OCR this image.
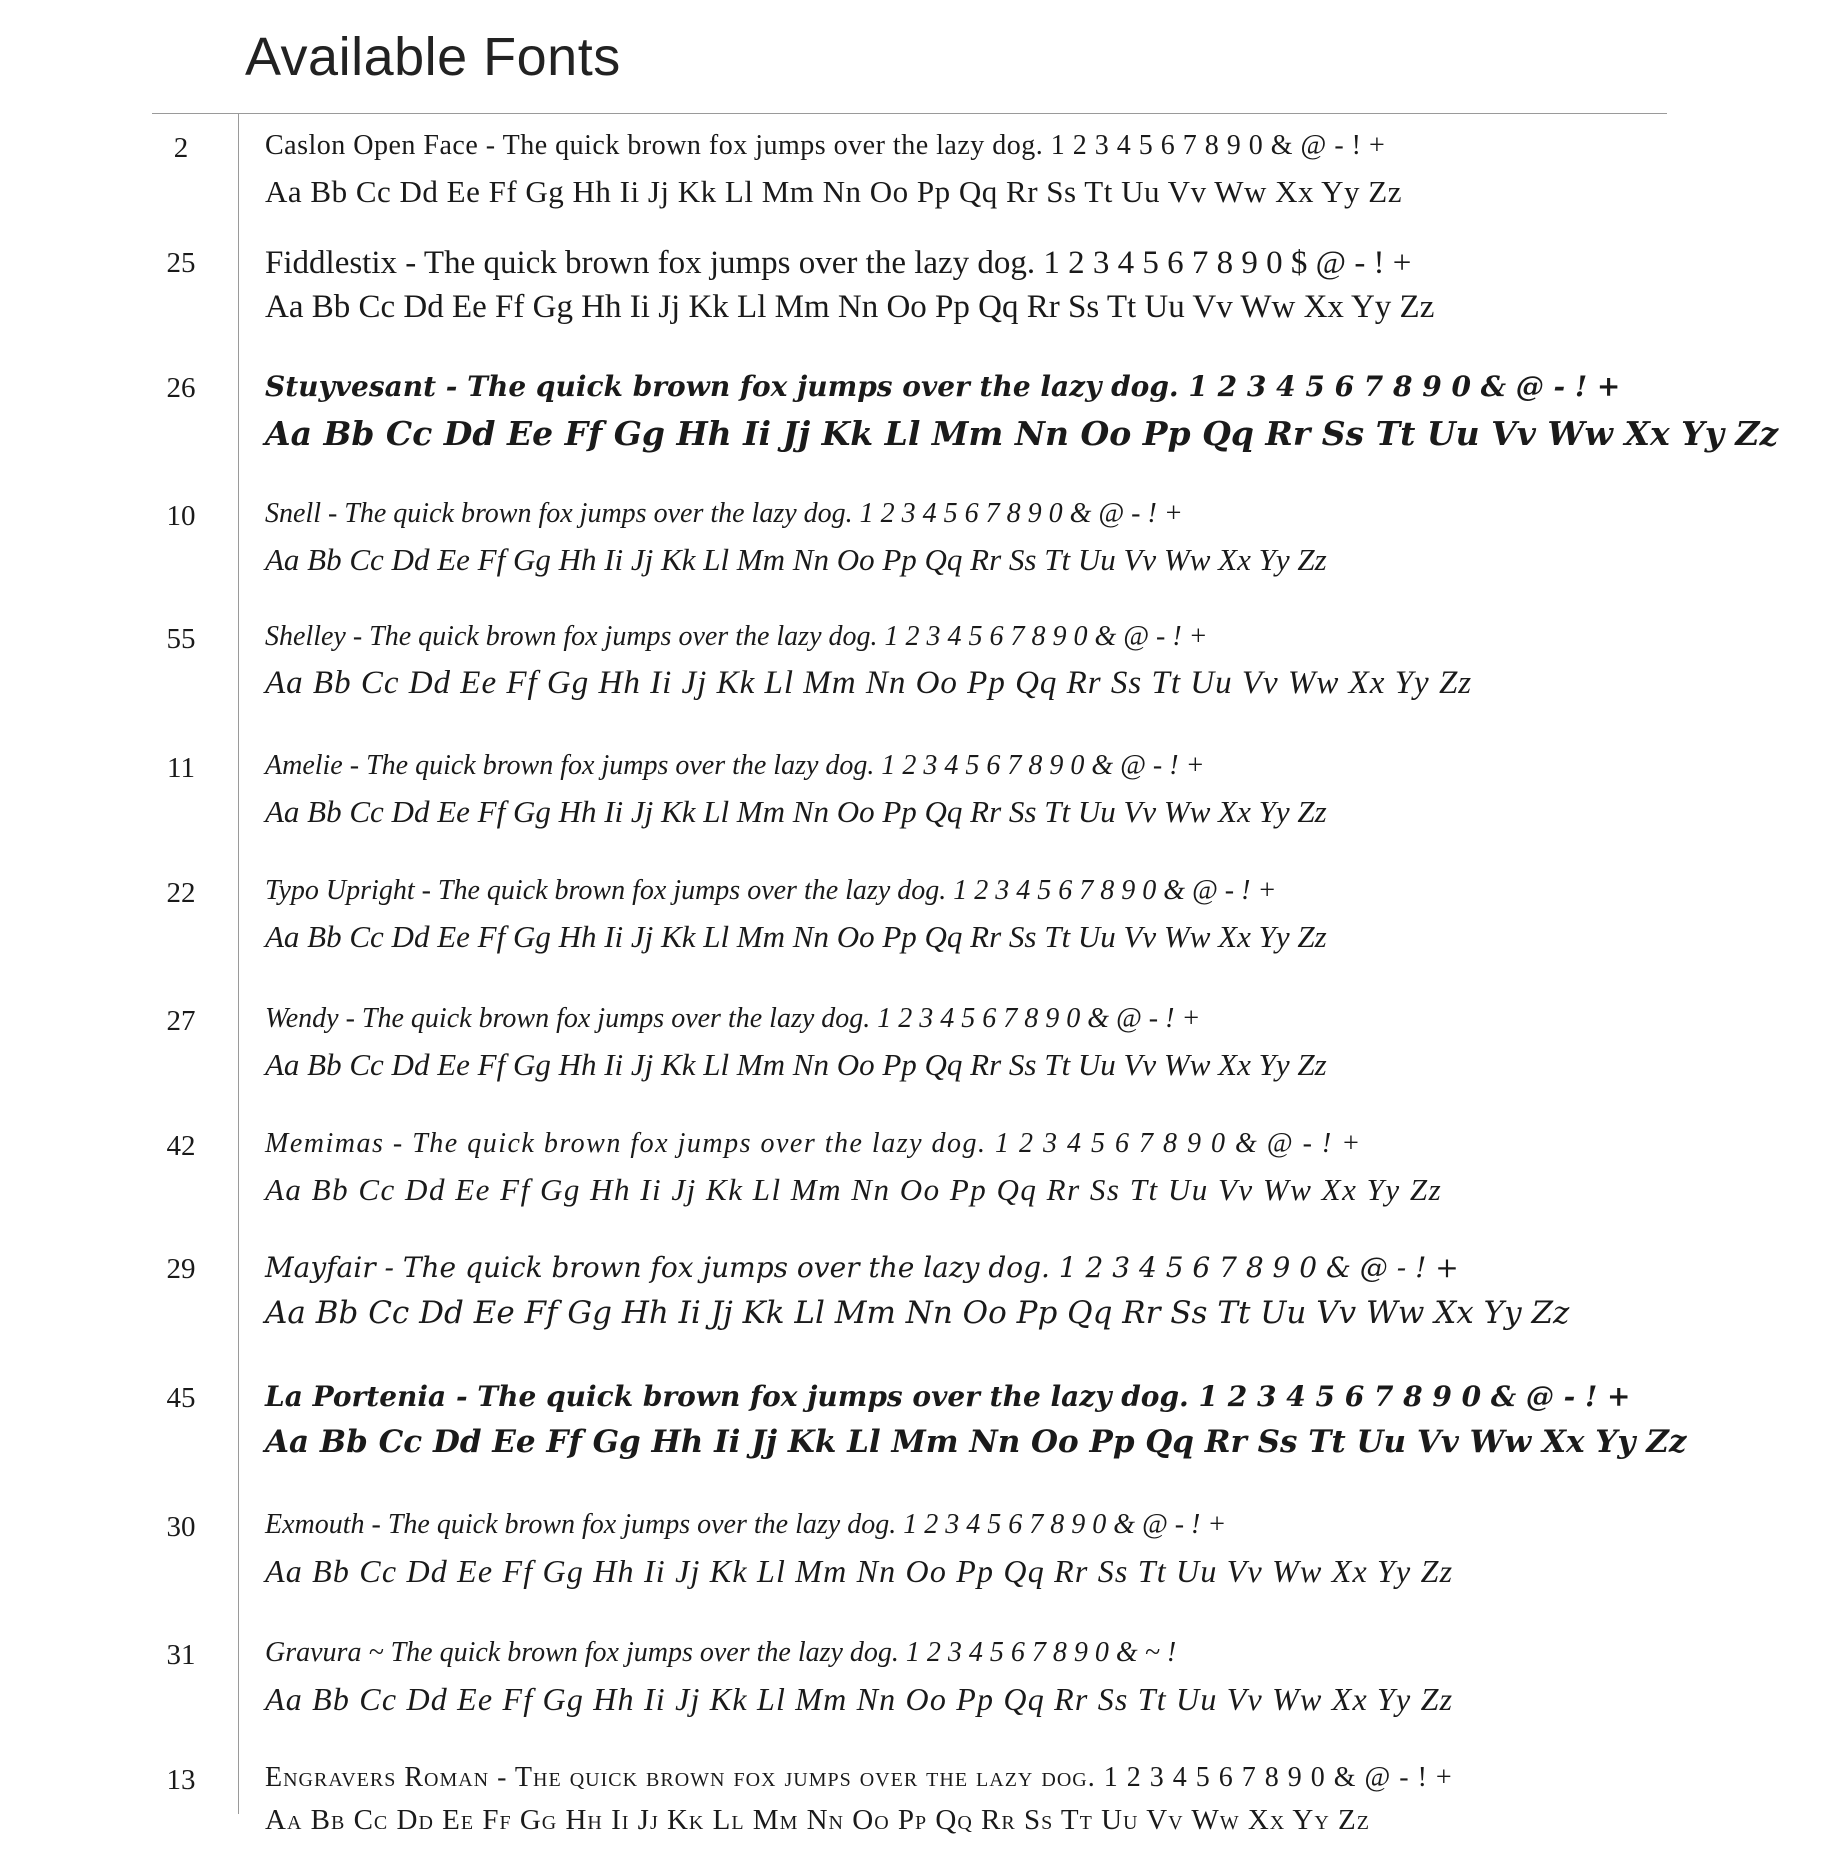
Available Fonts
2	Caslon Open Face - The quick brown fox jumps over the lazy dog. 1 2 3 4 5 6 7 8 9 0 & @ - ! +
Aa Bb Cc Dd Ee Ff Gg Hh Ii Jj Kk Ll Mm Nn Oo Pp Qq Rr Ss Tt Uu Vv Ww Xx Yy Zz
25	Fiddlestix - The quick brown fox jumps over the lazy dog. 1 2 3 4 5 6 7 8 9 0 $ @ - ! +
Aa Bb Cc Dd Ee Ff Gg Hh Ii Jj Kk Ll Mm Nn Oo Pp Qq Rr Ss Tt Uu Vv Ww Xx Yy Zz
26	Stuyvesant - The quick brown fox jumps over the lazy dog. 1 2 3 4 5 6 7 8 9 0 & @ - ! +
Aa Bb Cc Dd Ee Ff Gg Hh Ii Jj Kk Ll Mm Nn Oo Pp Qq Rr Ss Tt Uu Vv Ww Xx Yy Zz
10	Snell - The quick brown fox jumps over the lazy dog. 1 2 3 4 5 6 7 8 9 0 & @ - ! +
Aa Bb Cc Dd Ee Ff Gg Hh Ii Jj Kk Ll Mm Nn Oo Pp Qq Rr Ss Tt Uu Vv Ww Xx Yy Zz
55	Shelley - The quick brown fox jumps over the lazy dog. 1 2 3 4 5 6 7 8 9 0 & @ - ! +
Aa Bb Cc Dd Ee Ff Gg Hh Ii Jj Kk Ll Mm Nn Oo Pp Qq Rr Ss Tt Uu Vv Ww Xx Yy Zz
11	Amelie - The quick brown fox jumps over the lazy dog. 1 2 3 4 5 6 7 8 9 0 & @ - ! +
Aa Bb Cc Dd Ee Ff Gg Hh Ii Jj Kk Ll Mm Nn Oo Pp Qq Rr Ss Tt Uu Vv Ww Xx Yy Zz
22	Typo Upright - The quick brown fox jumps over the lazy dog. 1 2 3 4 5 6 7 8 9 0 & @ - ! +
Aa Bb Cc Dd Ee Ff Gg Hh Ii Jj Kk Ll Mm Nn Oo Pp Qq Rr Ss Tt Uu Vv Ww Xx Yy Zz
27	Wendy - The quick brown fox jumps over the lazy dog. 1 2 3 4 5 6 7 8 9 0 & @ - ! +
Aa Bb Cc Dd Ee Ff Gg Hh Ii Jj Kk Ll Mm Nn Oo Pp Qq Rr Ss Tt Uu Vv Ww Xx Yy Zz
42	Memimas - The quick brown fox jumps over the lazy dog. 1 2 3 4 5 6 7 8 9 0 & @ - ! +
Aa Bb Cc Dd Ee Ff Gg Hh Ii Jj Kk Ll Mm Nn Oo Pp Qq Rr Ss Tt Uu Vv Ww Xx Yy Zz
29	Mayfair - The quick brown fox jumps over the lazy dog. 1 2 3 4 5 6 7 8 9 0 & @ - ! +
Aa Bb Cc Dd Ee Ff Gg Hh Ii Jj Kk Ll Mm Nn Oo Pp Qq Rr Ss Tt Uu Vv Ww Xx Yy Zz
45	La Portenia - The quick brown fox jumps over the lazy dog. 1 2 3 4 5 6 7 8 9 0 & @ - ! +
Aa Bb Cc Dd Ee Ff Gg Hh Ii Jj Kk Ll Mm Nn Oo Pp Qq Rr Ss Tt Uu Vv Ww Xx Yy Zz
30	Exmouth - The quick brown fox jumps over the lazy dog. 1 2 3 4 5 6 7 8 9 0 & @ - ! +
Aa Bb Cc Dd Ee Ff Gg Hh Ii Jj Kk Ll Mm Nn Oo Pp Qq Rr Ss Tt Uu Vv Ww Xx Yy Zz
31	Gravura ~ The quick brown fox jumps over the lazy dog. 1 2 3 4 5 6 7 8 9 0 & ~ !
Aa Bb Cc Dd Ee Ff Gg Hh Ii Jj Kk Ll Mm Nn Oo Pp Qq Rr Ss Tt Uu Vv Ww Xx Yy Zz
13	Engravers Roman - The quick brown fox jumps over the lazy dog. 1 2 3 4 5 6 7 8 9 0 & @ - ! +
Aa Bb Cc Dd Ee Ff Gg Hh Ii Jj Kk Ll Mm Nn Oo Pp Qq Rr Ss Tt Uu Vv Ww Xx Yy Zz
